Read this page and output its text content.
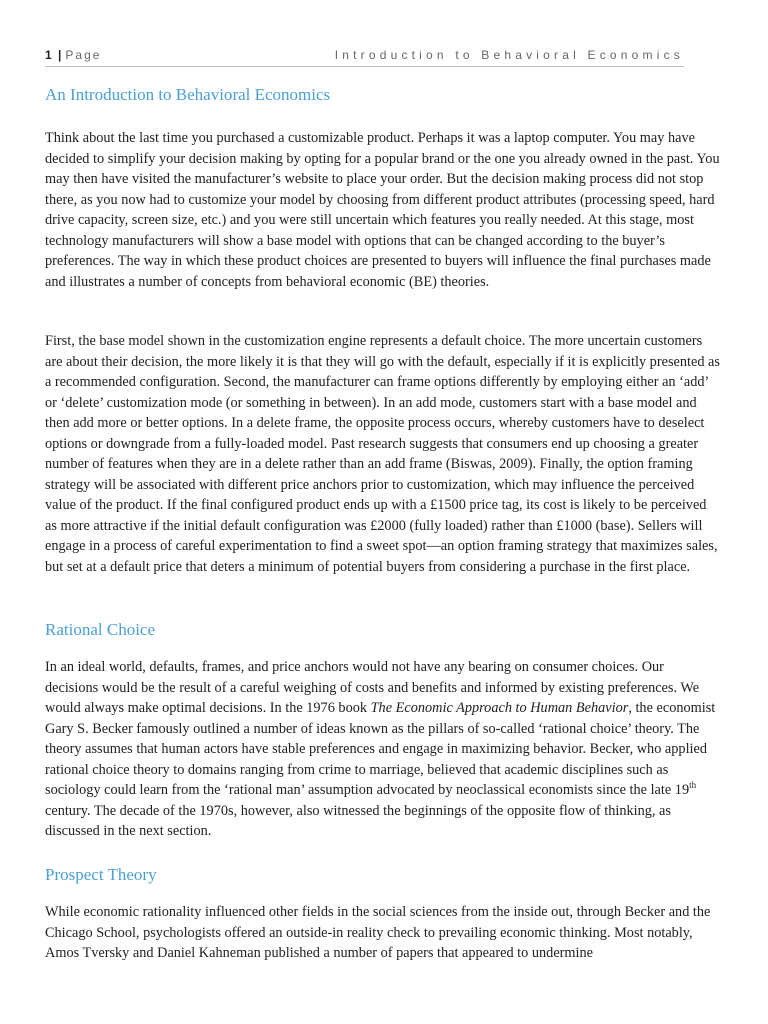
1 | Page	Introduction to Behavioral Economics
An Introduction to Behavioral Economics

Think about the last time you purchased a customizable product. Perhaps it was a laptop computer. You may have decided to simplify your decision making by opting for a popular brand or the one you already owned in the past. You may then have visited the manufacturer’s website to place your order. But the decision making process did not stop there, as you now had to customize your model by choosing from different product attributes (processing speed, hard drive capacity, screen size, etc.) and you were still uncertain which features you really needed. At this stage, most technology manufacturers will show a base model with options that can be changed according to the buyer’s preferences. The way in which these product choices are presented to buyers will influence the final purchases made and illustrates a number of concepts from behavioral economic (BE) theories.

First, the base model shown in the customization engine represents a default choice. The more uncertain customers are about their decision, the more likely it is that they will go with the default, especially if it is explicitly presented as a recommended configuration. Second, the manufacturer can frame options differently by employing either an ‘add’ or ‘delete’ customization mode (or something in between). In an add mode, customers start with a base model and then add more or better options. In a delete frame, the opposite process occurs, whereby customers have to deselect options or downgrade from a fully-loaded model. Past research suggests that consumers end up choosing a greater number of features when they are in a delete rather than an add frame (Biswas, 2009). Finally, the option framing strategy will be associated with different price anchors prior to customization, which may influence the perceived value of the product. If the final configured product ends up with a £1500 price tag, its cost is likely to be perceived as more attractive if the initial default configuration was £2000 (fully loaded) rather than £1000 (base). Sellers will engage in a process of careful experimentation to find a sweet spot—an option framing strategy that maximizes sales, but set at a default price that deters a minimum of potential buyers from considering a purchase in the first place.

Rational Choice

In an ideal world, defaults, frames, and price anchors would not have any bearing on consumer choices. Our decisions would be the result of a careful weighing of costs and benefits and informed by existing preferences. We would always make optimal decisions. In the 1976 book The Economic Approach to Human Behavior, the economist Gary S. Becker famously outlined a number of ideas known as the pillars of so-called ‘rational choice’ theory. The theory assumes that human actors have stable preferences and engage in maximizing behavior. Becker, who applied rational choice theory to domains ranging from crime to marriage, believed that academic disciplines such as sociology could learn from the ‘rational man’ assumption advocated by neoclassical economists since the late 19th century. The decade of the 1970s, however, also witnessed the beginnings of the opposite flow of thinking, as discussed in the next section.

Prospect Theory

While economic rationality influenced other fields in the social sciences from the inside out, through Becker and the Chicago School, psychologists offered an outside-in reality check to prevailing economic thinking. Most notably, Amos Tversky and Daniel Kahneman published a number of papers that appeared to undermine
